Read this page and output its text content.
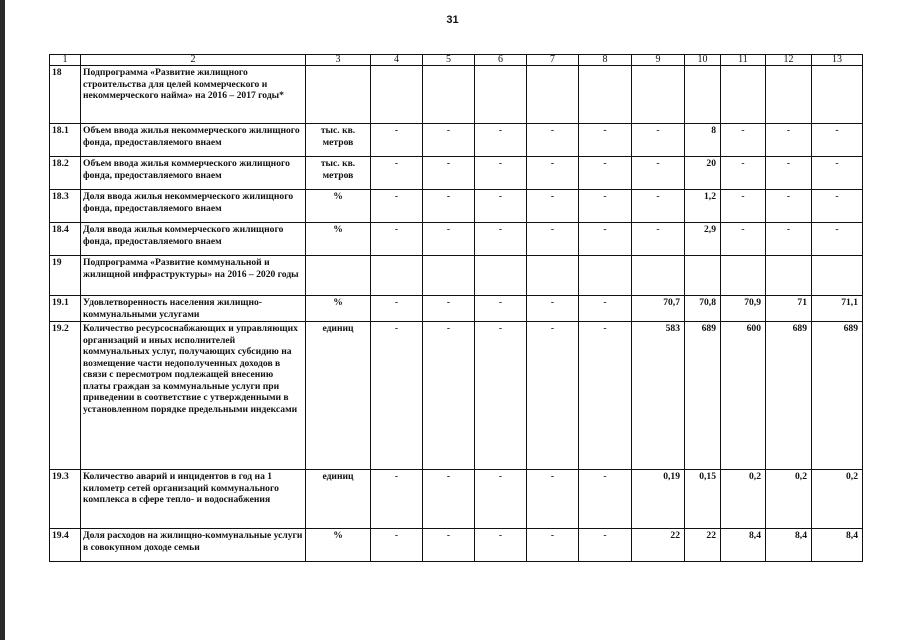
31
1	2	3	4	5	6	7	8	9	10	11	12	13
18	Подпрограмма «Развитие жилищного строительства для целей коммерческого и некоммерческого найма» на 2016 – 2017 годы*											
18.1	Объем ввода жилья некоммерческого жилищного фонда, предоставляемого внаем	тыс. кв. метров	-	-	-	-	-	-	8	-	-	-
18.2	Объем ввода жилья коммерческого жилищного фонда, предоставляемого внаем	тыс. кв. метров	-	-	-	-	-	-	20	-	-	-
18.3	Доля ввода жилья некоммерческого жилищного фонда, предоставляемого внаем	%	-	-	-	-	-	-	1,2	-	-	-
18.4	Доля ввода жилья коммерческого жилищного фонда, предоставляемого внаем	%	-	-	-	-	-	-	2,9	-	-	-
19	Подпрограмма «Развитие коммунальной и жилищной инфраструктуры» на 2016 – 2020 годы											
19.1	Удовлетворенность населения жилищно-коммунальными услугами	%	-	-	-	-	-	70,7	70,8	70,9	71	71,1
19.2	Количество ресурсоснабжающих и управляющих организаций и иных исполнителей коммунальных услуг, получающих субсидию на возмещение части недополученных доходов в связи с пересмотром подлежащей внесению платы граждан за коммунальные услуги при приведении в соответствие с утвержденными в установленном порядке предельными индексами	единиц	-	-	-	-	-	583	689	600	689	689
19.3	Количество аварий и инцидентов в год на 1 километр сетей организаций коммунального комплекса в сфере тепло- и водоснабжения	единиц	-	-	-	-	-	0,19	0,15	0,2	0,2	0,2
19.4	Доля расходов на жилищно-коммунальные услуги в совокупном доходе семьи	%	-	-	-	-	-	22	22	8,4	8,4	8,4
